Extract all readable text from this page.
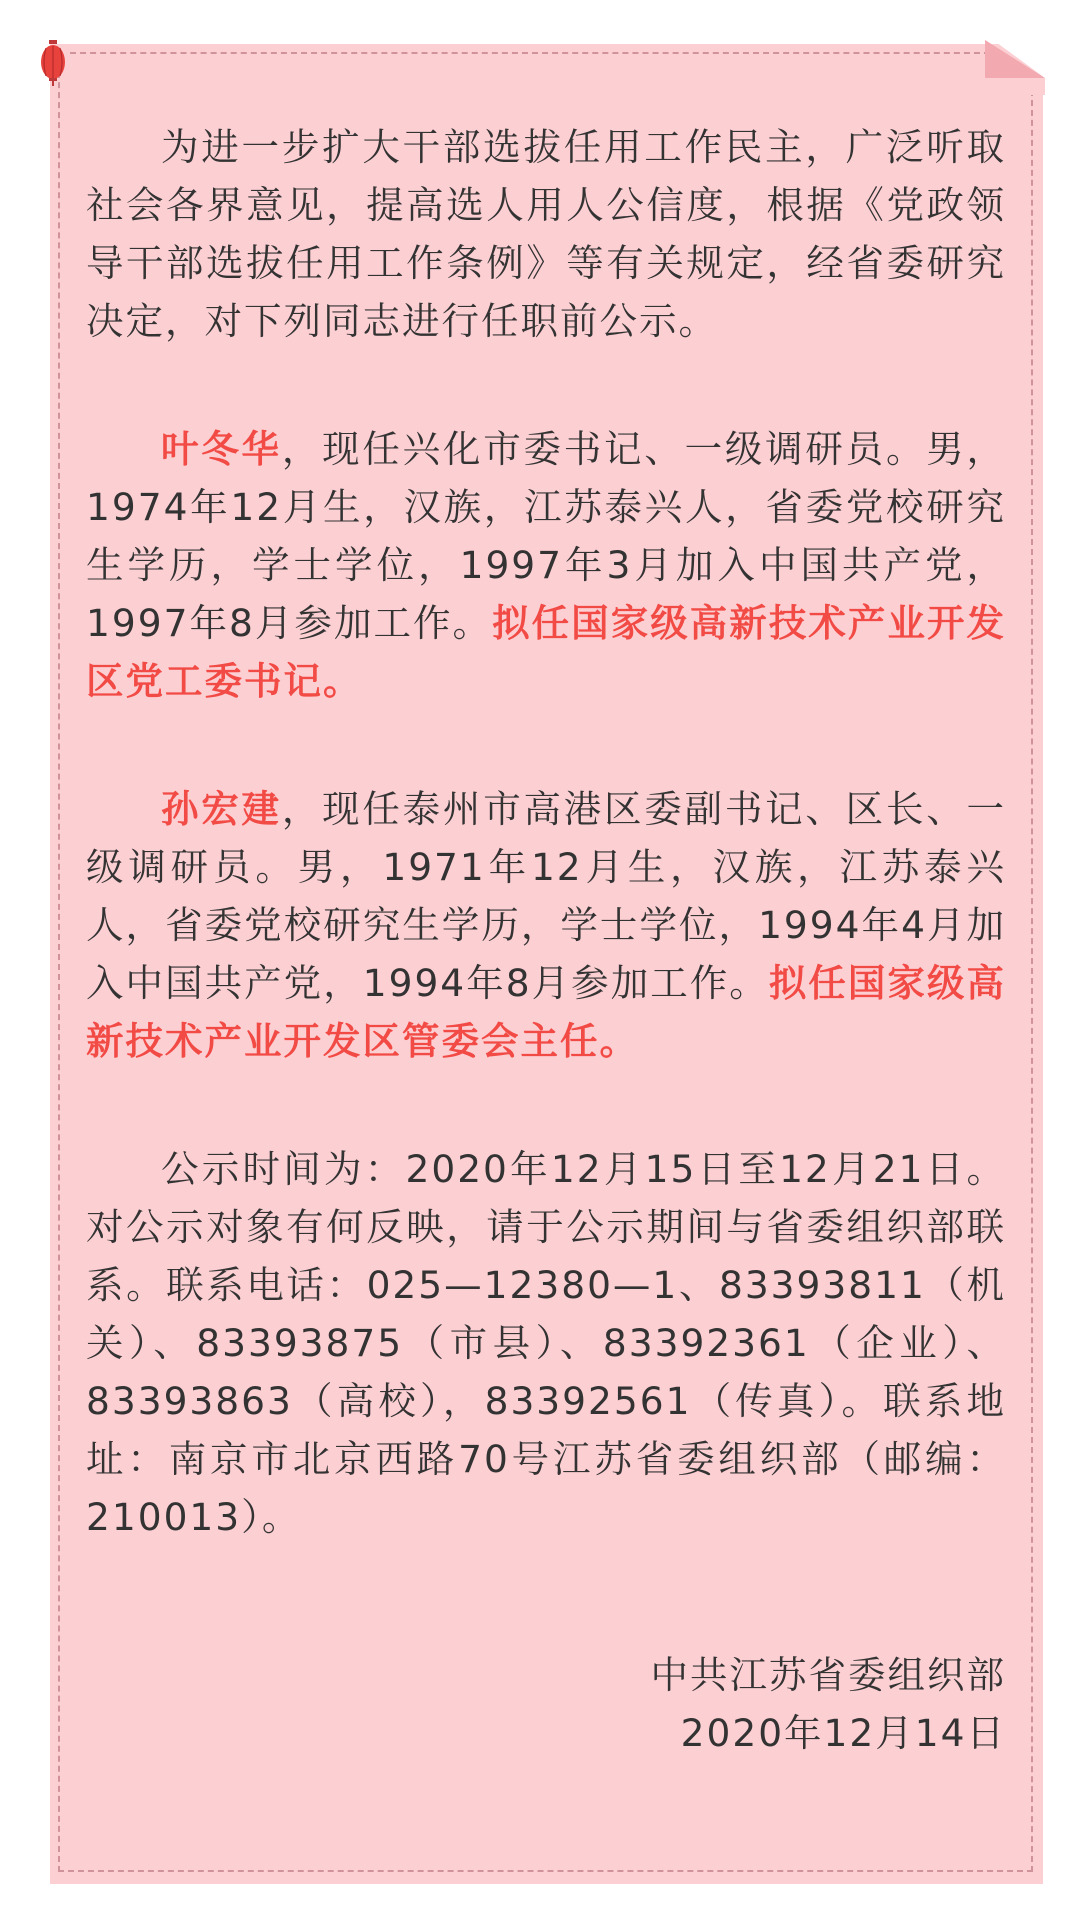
为进一步扩大干部选拔任用工作民主，广泛听取社会各界意见，提高选人用人公信度，根据《党政领导干部选拔任用工作条例》等有关规定，经省委研究决定，对下列同志进行任职前公示。

叶冬华，现任兴化市委书记、一级调研员。男，1974年12月生，汉族，江苏泰兴人，省委党校研究生学历，学士学位，1997年3月加入中国共产党，1997年8月参加工作。拟任国家级高新技术产业开发区党工委书记。

孙宏建，现任泰州市高港区委副书记、区长、一级调研员。男，1971年12月生，汉族，江苏泰兴人，省委党校研究生学历，学士学位，1994年4月加入中国共产党，1994年8月参加工作。拟任国家级高新技术产业开发区管委会主任。

公示时间为：2020年12月15日至12月21日。对公示对象有何反映，请于公示期间与省委组织部联系。联系电话：025—12380—1、83393811（机关）、83393875（市县）、83392361（企业）、83393863（高校），83392561（传真）。联系地址：南京市北京西路70号江苏省委组织部（邮编：210013）。

中共江苏省委组织部

2020年12月14日
